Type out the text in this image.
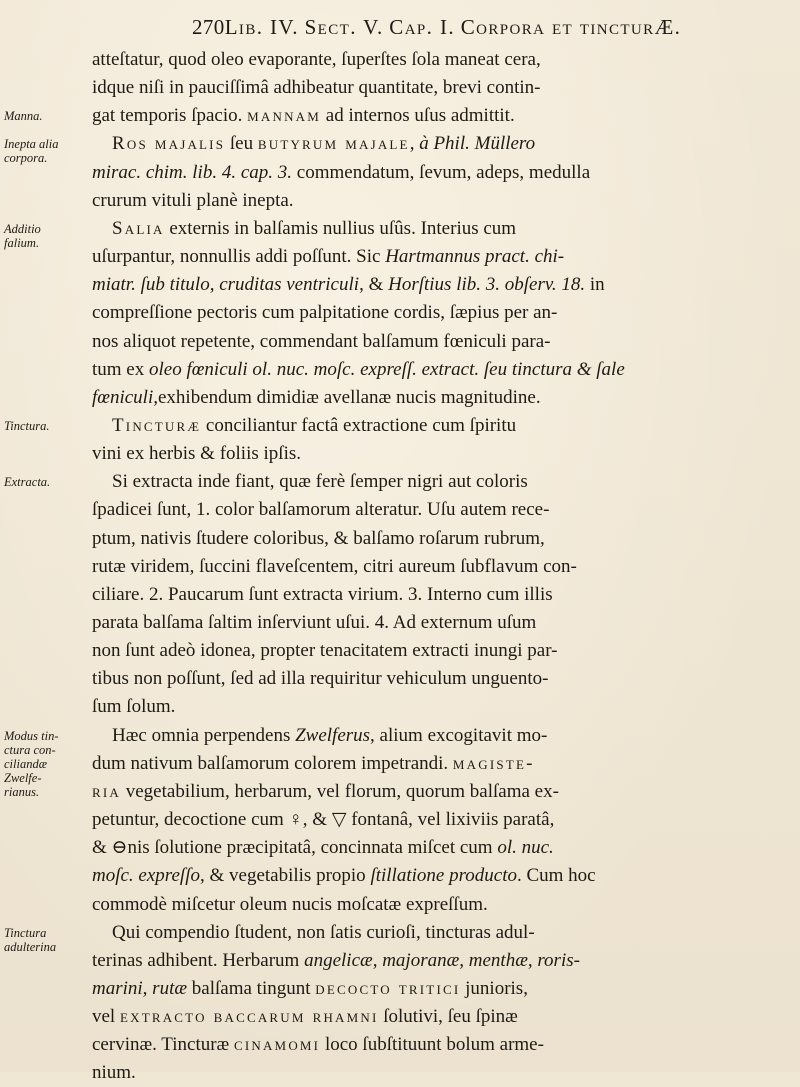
270Lib. IV. Sect. V. Cap. I. Corpora et tincturÆ.
Manna.
Inepta alia
corpora.
Additio
falium.
Tinctura.
Extracta.
Modus tin-
ctura con-
ciliandæ
Zwelfe-
rianus.
Tinctura
adulterina
atteſtatur, quod oleo evaporante, ſuperſtes ſola maneat cera,
idque niſi in pauciſſimâ adhibeatur quantitate, brevi contin-
gat temporis ſpacio. mannam ad internos uſus admittit.
Ros majalis ſeu butyrum majale, à Phil. Müllero
mirac. chim. lib. 4. cap. 3. commendatum, ſevum, adeps, medulla
crurum vituli planè inepta.
Salia externis in balſamis nullius uſûs. Interius cum
uſurpantur, nonnullis addi poſſunt. Sic Hartmannus pract. chi-
miatr. ſub titulo, cruditas ventriculi, & Horſtius lib. 3. obſerv. 18. in
compreſſione pectoris cum palpitatione cordis, ſæpius per an-
nos aliquot repetente, commendant balſamum fœniculi para-
tum ex oleo fœniculi ol. nuc. moſc. expreſſ. extract. ſeu tinctura & ſale
fœniculi,exhibendum dimidiæ avellanæ nucis magnitudine.
Tincturæ conciliantur factâ extractione cum ſpiritu
vini ex herbis & foliis ipſis.
Si extracta inde fiant, quæ ferè ſemper nigri aut coloris
ſpadicei ſunt, 1. color balſamorum alteratur. Uſu autem rece-
ptum, nativis ſtudere coloribus, & balſamo roſarum rubrum,
rutæ viridem, ſuccini flaveſcentem, citri aureum ſubflavum con-
ciliare. 2. Paucarum ſunt extracta virium. 3. Interno cum illis
parata balſama ſaltim inſerviunt uſui. 4. Ad externum uſum
non ſunt adeò idonea, propter tenacitatem extracti inungi par-
tibus non poſſunt, ſed ad illa requiritur vehiculum unguento-
ſum ſolum.
Hæc omnia perpendens Zwelferus, alium excogitavit mo-
dum nativum balſamorum colorem impetrandi. magiste-
ria vegetabilium, herbarum, vel florum, quorum balſama ex-
petuntur, decoctione cum ♀, & ▽ fontanâ, vel lixiviis paratâ,
& ⊖nis ſolutione præcipitatâ, concinnata miſcet cum ol. nuc.
moſc. expreſſo, & vegetabilis propio ſtillatione producto. Cum hoc
commodè miſcetur oleum nucis moſcatæ expreſſum.
Qui compendio ſtudent, non ſatis curioſi, tincturas adul-
terinas adhibent. Herbarum angelicæ, majoranæ, menthæ, roris-
marini, rutæ balſama tingunt decocto tritici junioris,
vel extracto baccarum rhamni ſolutivi, ſeu ſpinæ
cervinæ. Tincturæ cinamomi loco ſubſtituunt bolum arme-
nium.
